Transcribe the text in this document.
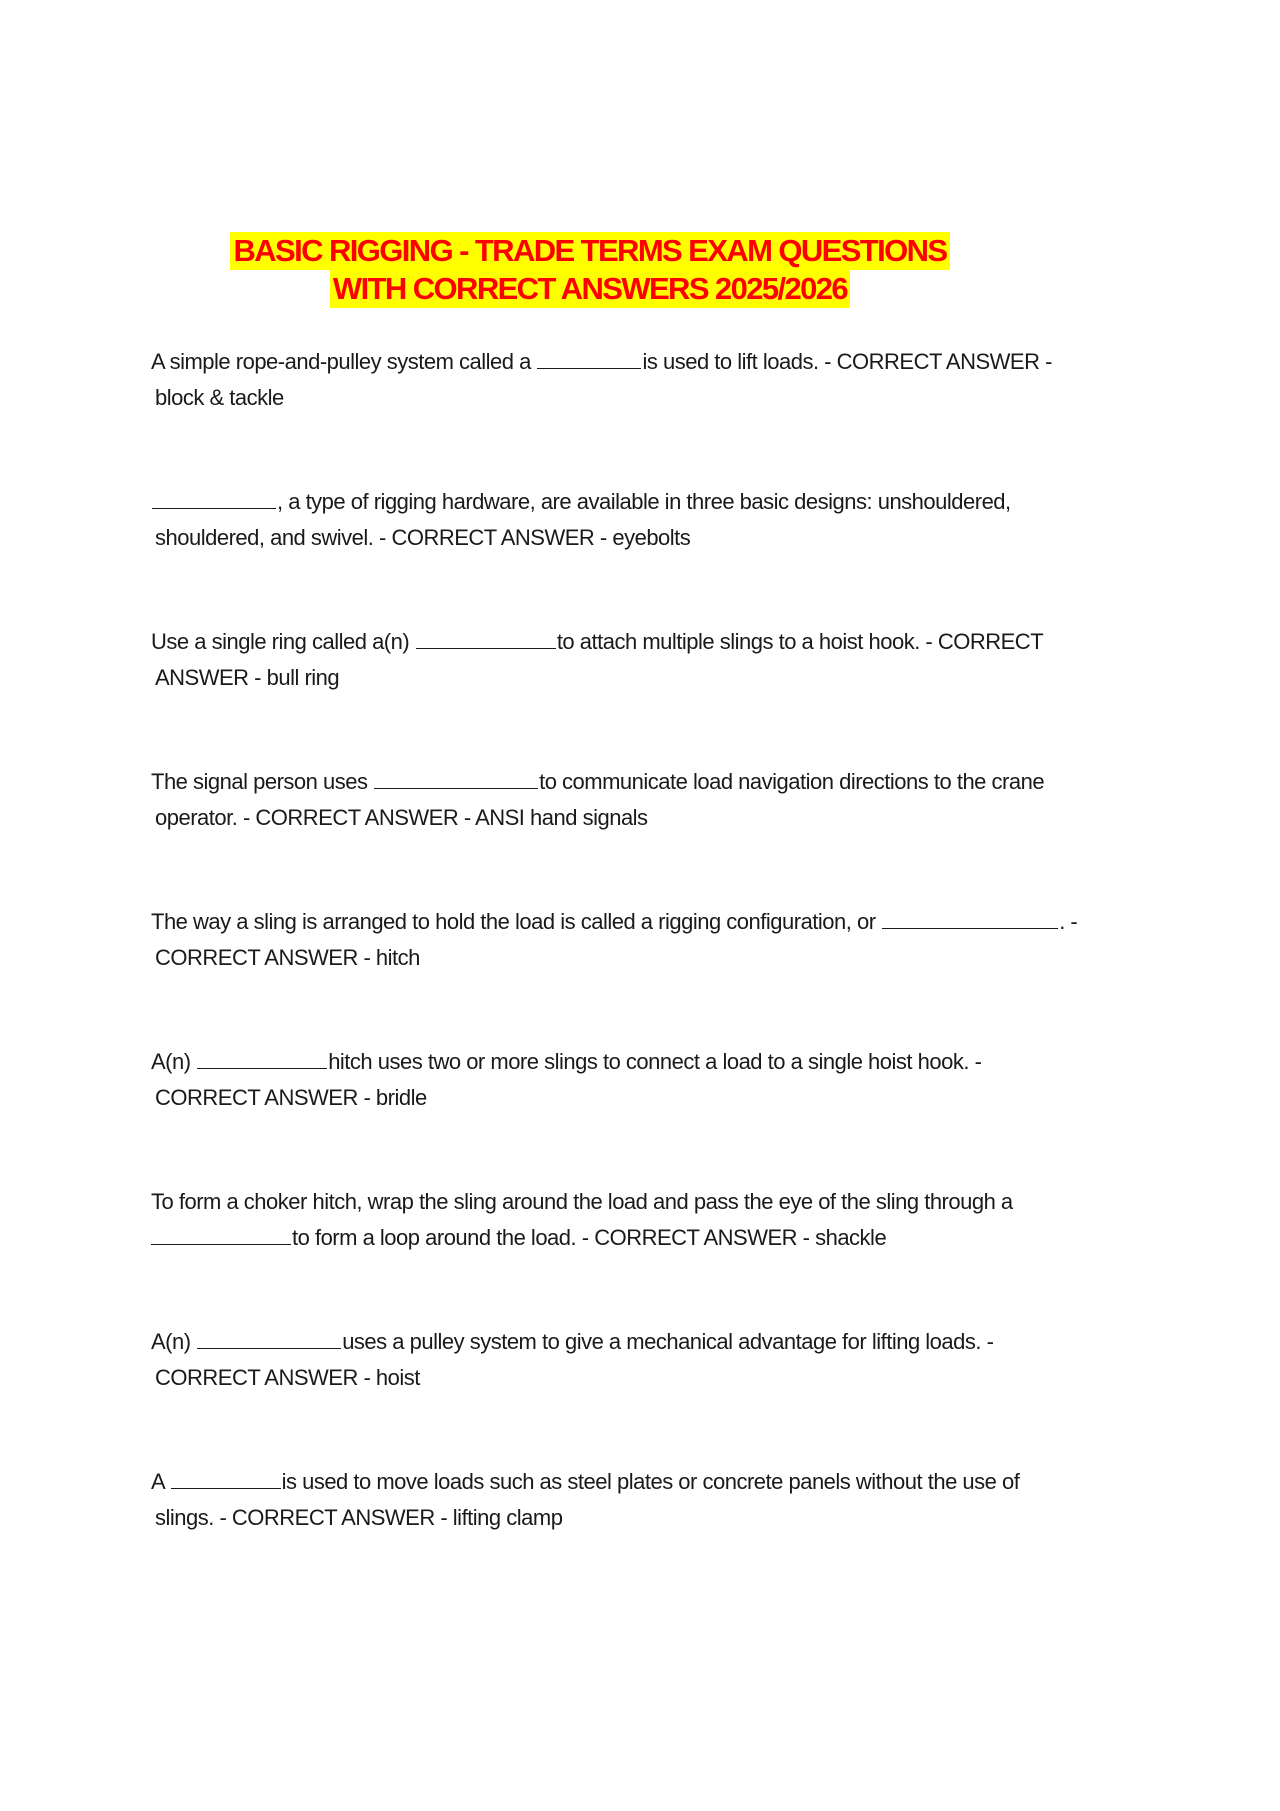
BASIC RIGGING - TRADE TERMS EXAM QUESTIONS
WITH CORRECT ANSWERS 2025/2026
A simple rope-and-pulley system called a	is used to lift loads. - CORRECT ANSWER -
block & tackle
, a type of rigging hardware, are available in three basic designs: unshouldered,
shouldered, and swivel. - CORRECT ANSWER - eyebolts
Use a single ring called a(n)	to attach multiple slings to a hoist hook. - CORRECT
ANSWER - bull ring
The signal person uses	to communicate load navigation directions to the crane
operator. - CORRECT ANSWER - ANSI hand signals
The way a sling is arranged to hold the load is called a rigging configuration, or	. -
CORRECT ANSWER - hitch
A(n)	hitch uses two or more slings to connect a load to a single hoist hook. -
CORRECT ANSWER - bridle
To form a choker hitch, wrap the sling around the load and pass the eye of the sling through a
to form a loop around the load. - CORRECT ANSWER - shackle
A(n)	uses a pulley system to give a mechanical advantage for lifting loads. -
CORRECT ANSWER - hoist
A	is used to move loads such as steel plates or concrete panels without the use of
slings. - CORRECT ANSWER - lifting clamp
